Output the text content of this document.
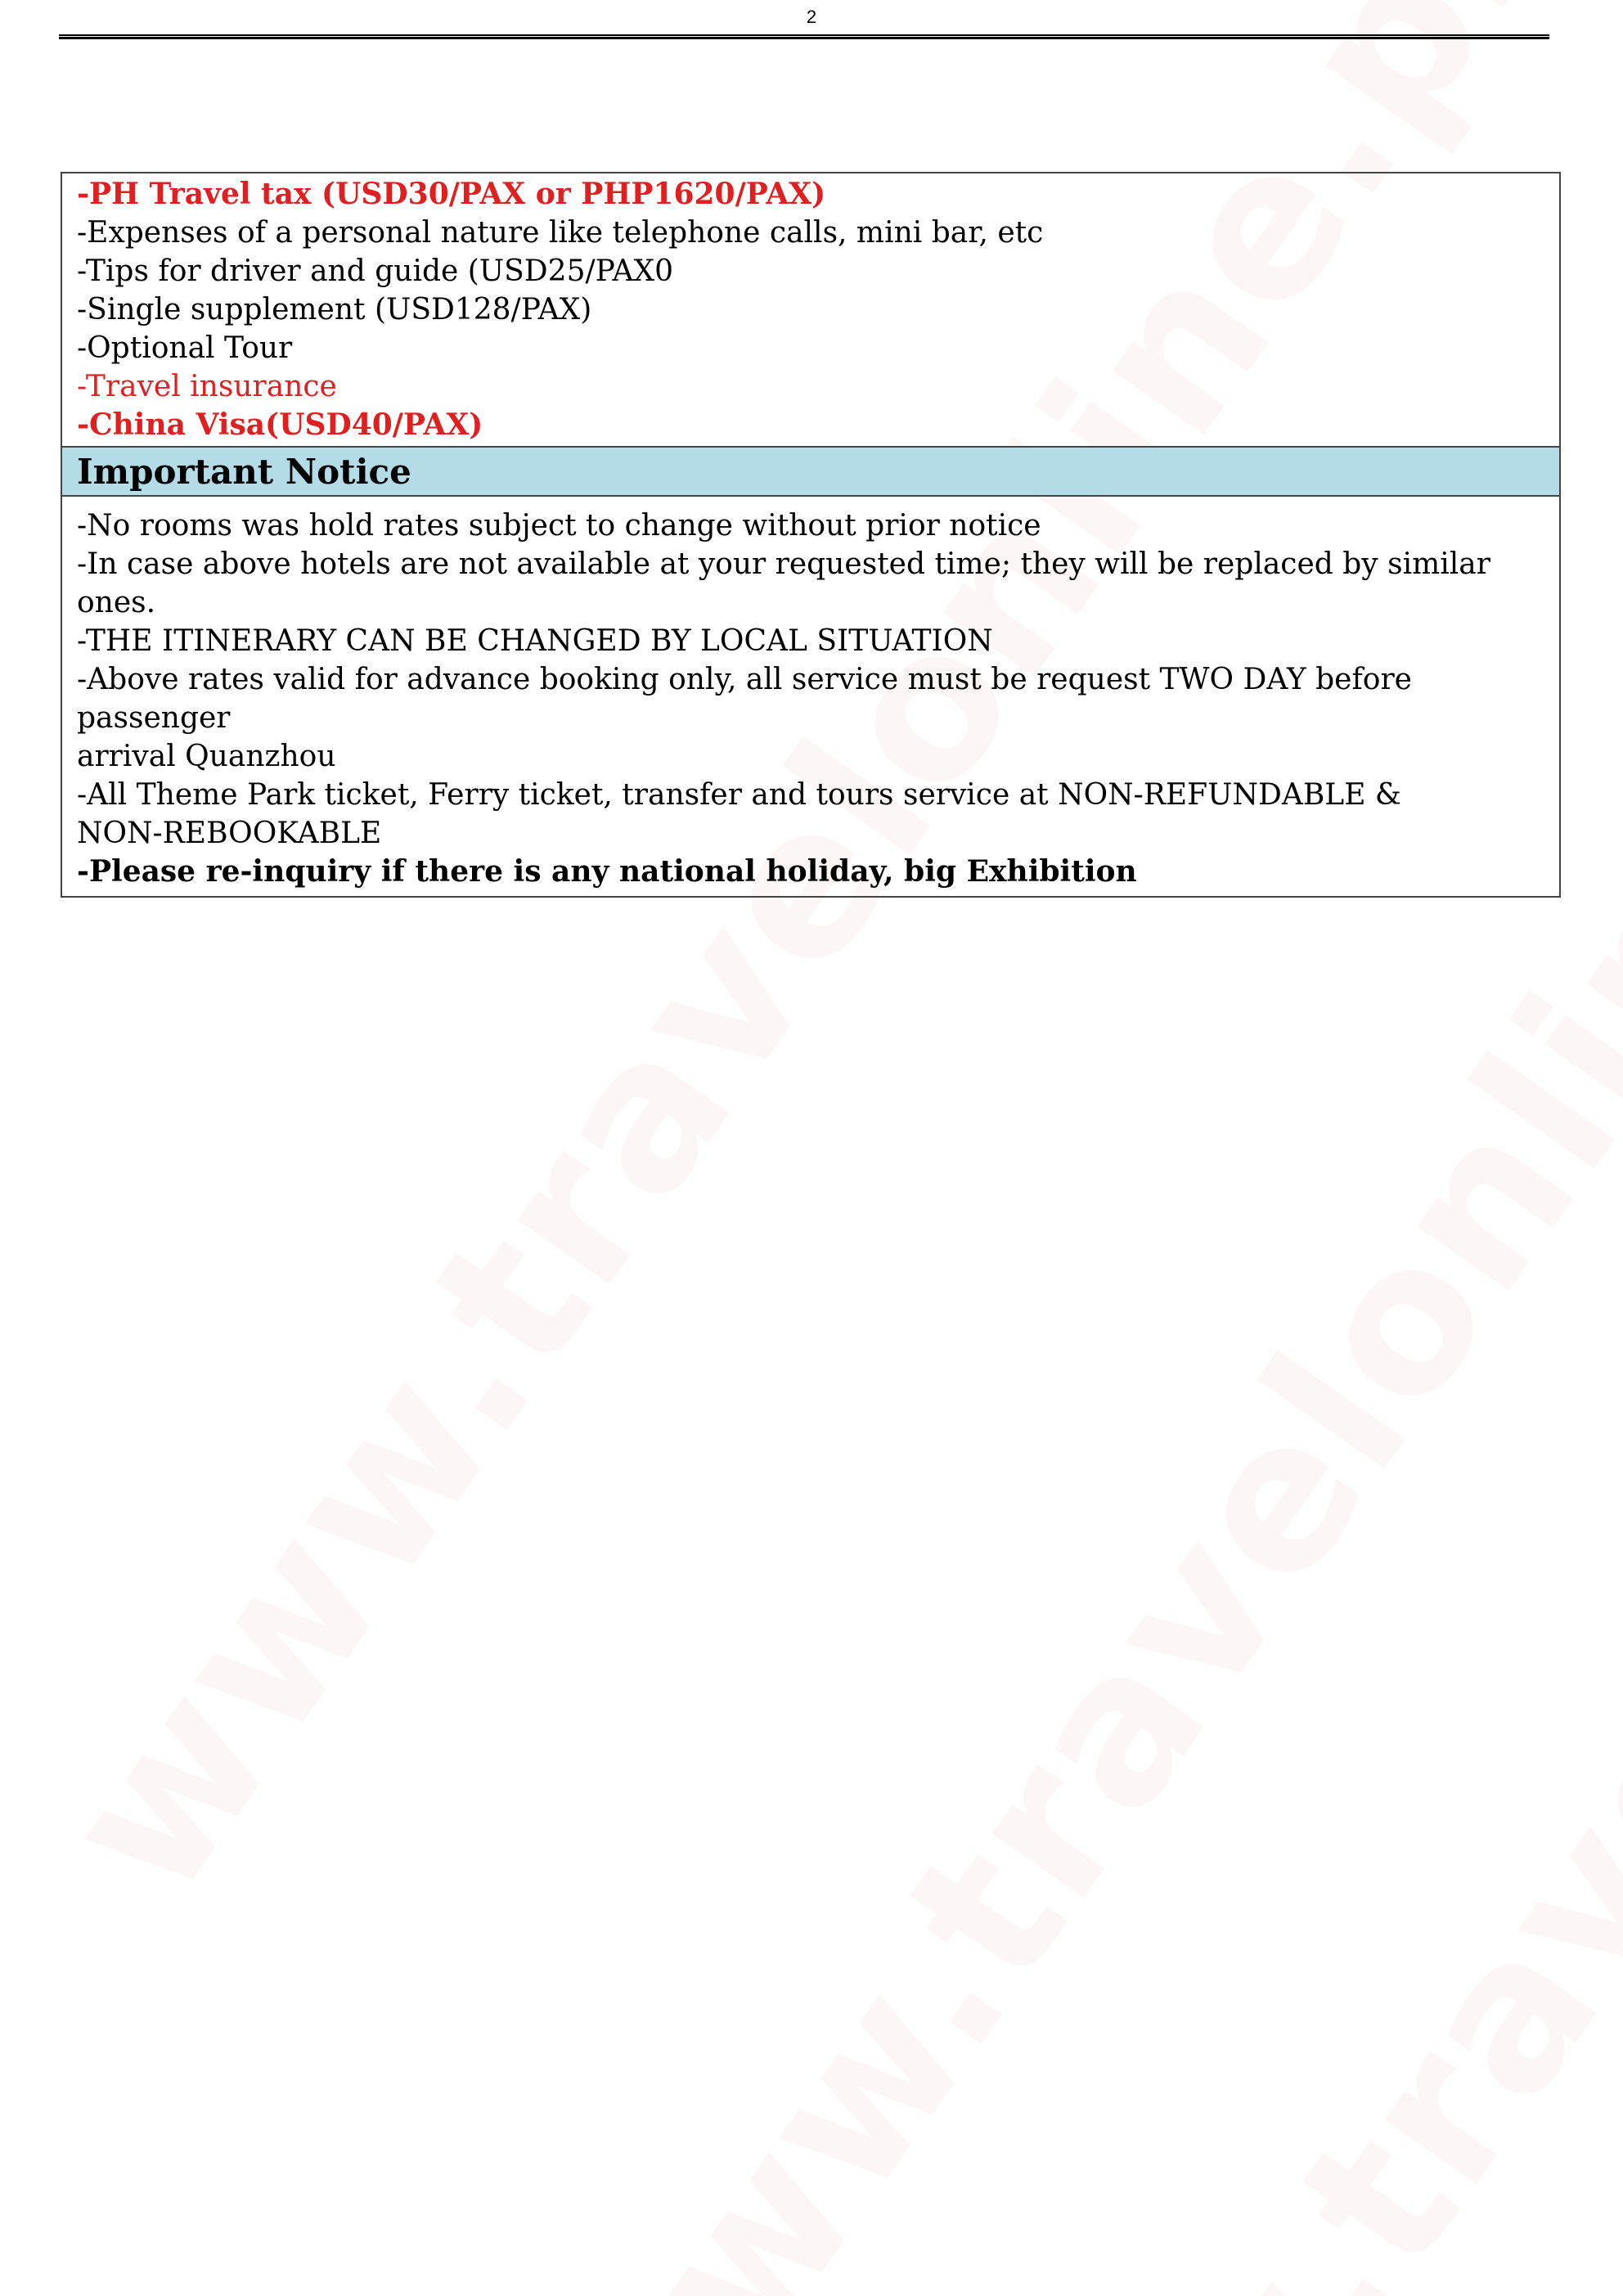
2
-PH Travel tax (USD30/PAX or PHP1620/PAX)
-Expenses of a personal nature like telephone calls, mini bar, etc
-Tips for driver and guide (USD25/PAX0
-Single supplement (USD128/PAX)
-Optional Tour
-Travel insurance
-China Visa(USD40/PAX)
Important Notice
-No rooms was hold rates subject to change without prior notice
-In case above hotels are not available at your requested time; they will be replaced by similar ones.
-THE ITINERARY CAN BE CHANGED BY LOCAL SITUATION
-Above rates valid for advance booking only, all service must be request TWO DAY before passenger
arrival Quanzhou
-All Theme Park ticket, Ferry ticket, transfer and tours service at NON-REFUNDABLE &
NON-REBOOKABLE
-Please re-inquiry if there is any national holiday, big Exhibition
